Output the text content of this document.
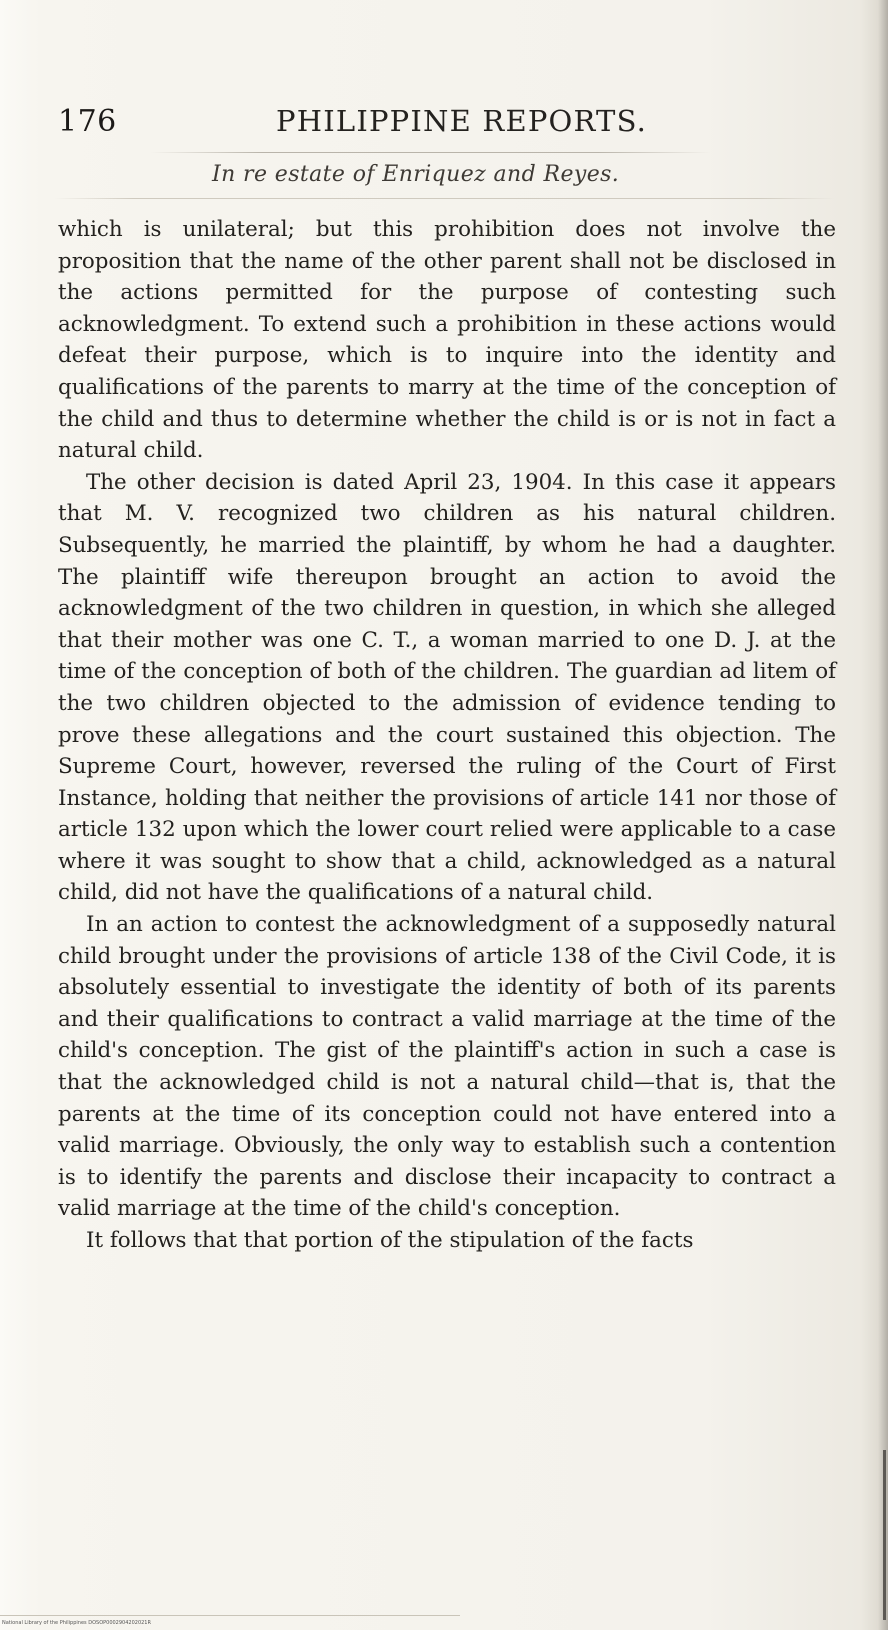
176	PHILIPPINE REPORTS.
In re estate of Enriquez and Reyes.

which is unilateral; but this prohibition does not involve the proposition that the name of the other parent shall not be disclosed in the actions permitted for the purpose of contesting such acknowledgment. To extend such a prohibition in these actions would defeat their purpose, which is to inquire into the identity and qualifications of the parents to marry at the time of the conception of the child and thus to determine whether the child is or is not in fact a natural child.

The other decision is dated April 23, 1904. In this case it appears that M. V. recognized two children as his natural children. Subsequently, he married the plaintiff, by whom he had a daughter. The plaintiff wife thereupon brought an action to avoid the acknowledgment of the two children in question, in which she alleged that their mother was one C. T., a woman married to one D. J. at the time of the conception of both of the children. The guardian ad litem of the two children objected to the admission of evidence tending to prove these allegations and the court sustained this objection. The Supreme Court, however, reversed the ruling of the Court of First Instance, holding that neither the provisions of article 141 nor those of article 132 upon which the lower court relied were applicable to a case where it was sought to show that a child, acknowledged as a natural child, did not have the qualifications of a natural child.

In an action to contest the acknowledgment of a supposedly natural child brought under the provisions of article 138 of the Civil Code, it is absolutely essential to investigate the identity of both of its parents and their qualifications to contract a valid marriage at the time of the child's conception. The gist of the plaintiff's action in such a case is that the acknowledged child is not a natural child—that is, that the parents at the time of its conception could not have entered into a valid marriage. Obviously, the only way to establish such a contention is to identify the parents and disclose their incapacity to contract a valid marriage at the time of the child's conception.

It follows that that portion of the stipulation of the facts

National Library of the Philippines DOSOP0002904202021R
